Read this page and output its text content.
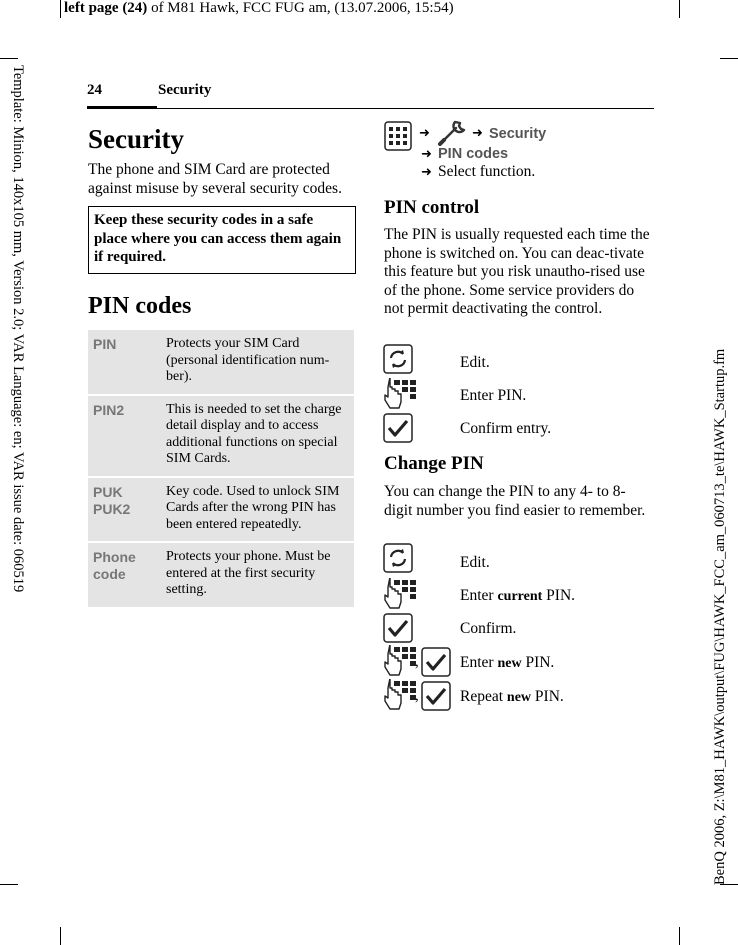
left page (24) of M81 Hawk, FCC FUG am, (13.07.2006, 15:54)
Template: Minion, 140x105 mm, Version 2.0; VAR Language: en; VAR issue date: 060519
BenQ 2006, Z:\M81_HAWK\output\FUG\HAWK_FCC_am_060713_te\HAWK_Startup.fm
24	Security
Security
The phone and SIM Card are protected against misuse by several security codes.
Keep these security codes in a safe place where you can access them again if required.
PIN codes
PIN	Protects your SIM Card (personal identification num-ber).
PIN2	This is needed to set the charge detail display and to access additional functions on special SIM Cards.
PUK
PUK2	Key code. Used to unlock SIM Cards after the wrong PIN has been entered repeatedly.
Phone
code	Protects your phone. Must be entered at the first security setting.
➜	➜ Security
➜ PIN codes
➜ Select function.
PIN control
The PIN is usually requested each time the phone is switched on. You can deac-tivate this feature but you risk unautho-rised use of the phone. Some service providers do not permit deactivating the control.
Edit.
Enter PIN.
Confirm entry.
Change PIN
You can change the PIN to any 4- to 8-digit number you find easier to remember.
Edit.
Enter current PIN.
Confirm.
,	Enter new PIN.
,	Repeat new PIN.
